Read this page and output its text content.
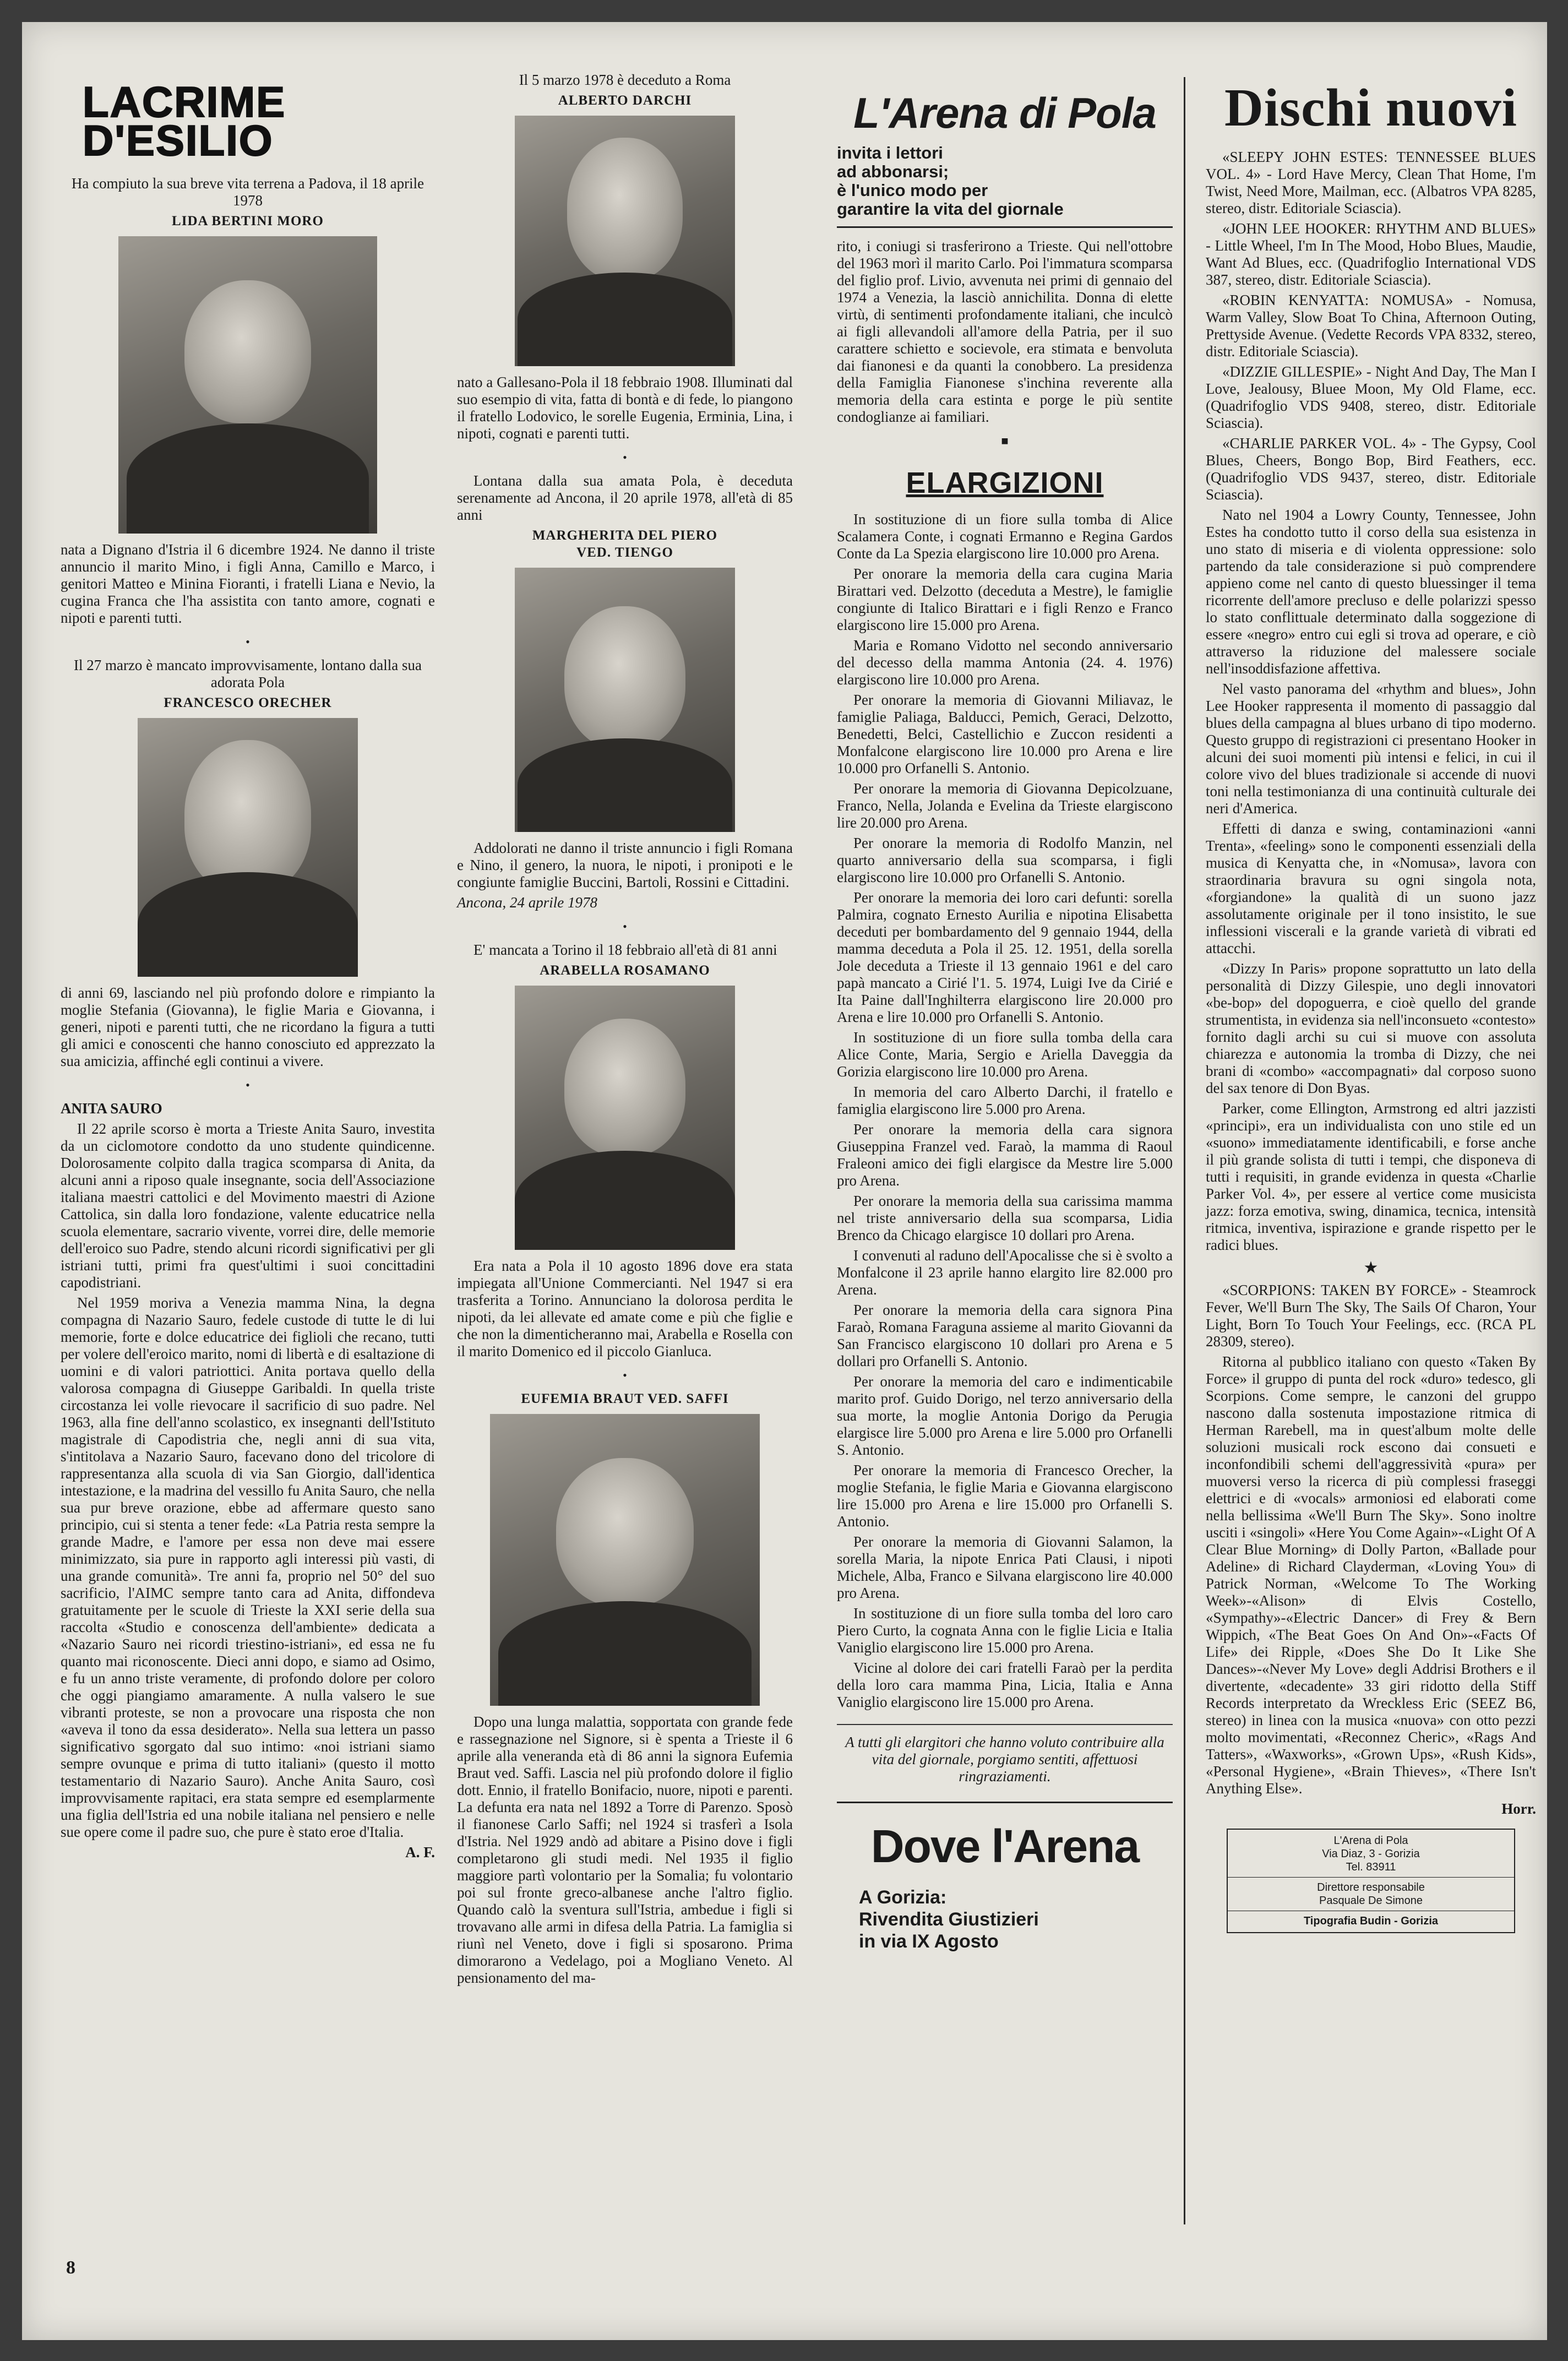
LACRIME
D'ESILIO

Ha compiuto la sua breve vita terrena a Padova, il 18 aprile 1978

LIDA BERTINI MORO

nata a Dignano d'Istria il 6 dicembre 1924. Ne danno il triste annuncio il marito Mino, i figli Anna, Camillo e Marco, i genitori Matteo e Minina Fioranti, i fratelli Liana e Nevio, la cugina Franca che l'ha assistita con tanto amore, cognati e nipoti e parenti tutti.

•

Il 27 marzo è mancato improvvisamente, lontano dalla sua adorata Pola

FRANCESCO ORECHER

di anni 69, lasciando nel più profondo dolore e rimpianto la moglie Stefania (Giovanna), le figlie Maria e Giovanna, i generi, nipoti e parenti tutti, che ne ricordano la figura a tutti gli amici e conoscenti che hanno conosciuto ed apprezzato la sua amicizia, affinché egli continui a vivere.

•

ANITA SAURO

Il 22 aprile scorso è morta a Trieste Anita Sauro, investita da un ciclomotore condotto da uno studente quindicenne. Dolorosamente colpito dalla tragica scomparsa di Anita, da alcuni anni a riposo quale insegnante, socia dell'Associazione italiana maestri cattolici e del Movimento maestri di Azione Cattolica, sin dalla loro fondazione, valente educatrice nella scuola elementare, sacrario vivente, vorrei dire, delle memorie dell'eroico suo Padre, stendo alcuni ricordi significativi per gli istriani tutti, primi fra quest'ultimi i suoi concittadini capodistriani.

Nel 1959 moriva a Venezia mamma Nina, la degna compagna di Nazario Sauro, fedele custode di tutte le di lui memorie, forte e dolce educatrice dei figlioli che recano, tutti per volere dell'eroico marito, nomi di libertà e di esaltazione di uomini e di valori patriottici. Anita portava quello della valorosa compagna di Giuseppe Garibaldi. In quella triste circostanza lei volle rievocare il sacrificio di suo padre. Nel 1963, alla fine dell'anno scolastico, ex insegnanti dell'Istituto magistrale di Capodistria che, negli anni di sua vita, s'intitolava a Nazario Sauro, facevano dono del tricolore di rappresentanza alla scuola di via San Giorgio, dall'identica intestazione, e la madrina del vessillo fu Anita Sauro, che nella sua pur breve orazione, ebbe ad affermare questo sano principio, cui si stenta a tener fede: «La Patria resta sempre la grande Madre, e l'amore per essa non deve mai essere minimizzato, sia pure in rapporto agli interessi più vasti, di una grande comunità». Tre anni fa, proprio nel 50° del suo sacrificio, l'AIMC sempre tanto cara ad Anita, diffondeva gratuitamente per le scuole di Trieste la XXI serie della sua raccolta «Studio e conoscenza dell'ambiente» dedicata a «Nazario Sauro nei ricordi triestino-istriani», ed essa ne fu quanto mai riconoscente. Dieci anni dopo, e siamo ad Osimo, e fu un anno triste veramente, di profondo dolore per coloro che oggi piangiamo amaramente. A nulla valsero le sue vibranti proteste, se non a provocare una risposta che non «aveva il tono da essa desiderato». Nella sua lettera un passo significativo sgorgato dal suo intimo: «noi istriani siamo sempre ovunque e prima di tutto italiani» (questo il motto testamentario di Nazario Sauro). Anche Anita Sauro, così improvvisamente rapitaci, era stata sempre ed esemplarmente una figlia dell'Istria ed una nobile italiana nel pensiero e nelle sue opere come il padre suo, che pure è stato eroe d'Italia.

A. F.

Il 5 marzo 1978 è deceduto a Roma

ALBERTO DARCHI

nato a Gallesano-Pola il 18 febbraio 1908. Illuminati dal suo esempio di vita, fatta di bontà e di fede, lo piangono il fratello Lodovico, le sorelle Eugenia, Erminia, Lina, i nipoti, cognati e parenti tutti.

•

Lontana dalla sua amata Pola, è deceduta serenamente ad Ancona, il 20 aprile 1978, all'età di 85 anni

MARGHERITA DEL PIERO

VED. TIENGO

Addolorati ne danno il triste annuncio i figli Romana e Nino, il genero, la nuora, le nipoti, i pronipoti e le congiunte famiglie Buccini, Bartoli, Rossini e Cittadini.

Ancona, 24 aprile 1978

•

E' mancata a Torino il 18 febbraio all'età di 81 anni

ARABELLA ROSAMANO

Era nata a Pola il 10 agosto 1896 dove era stata impiegata all'Unione Commercianti. Nel 1947 si era trasferita a Torino. Annunciano la dolorosa perdita le nipoti, da lei allevate ed amate come e più che figlie e che non la dimenticheranno mai, Arabella e Rosella con il marito Domenico ed il piccolo Gianluca.

•

EUFEMIA BRAUT VED. SAFFI

Dopo una lunga malattia, sopportata con grande fede e rassegnazione nel Signore, si è spenta a Trieste il 6 aprile alla veneranda età di 86 anni la signora Eufemia Braut ved. Saffi. Lascia nel più profondo dolore il figlio dott. Ennio, il fratello Bonifacio, nuore, nipoti e parenti. La defunta era nata nel 1892 a Torre di Parenzo. Sposò il fianonese Carlo Saffi; nel 1924 si trasferì a Isola d'Istria. Nel 1929 andò ad abitare a Pisino dove i figli completarono gli studi medi. Nel 1935 il figlio maggiore partì volontario per la Somalia; fu volontario poi sul fronte greco-albanese anche l'altro figlio. Quando calò la sventura sull'Istria, ambedue i figli si trovavano alle armi in difesa della Patria. La famiglia si riunì nel Veneto, dove i figli si sposarono. Prima dimorarono a Vedelago, poi a Mogliano Veneto. Al pensionamento del ma-

L'Arena di Pola
invita i lettori
ad abbonarsi;
è l'unico modo per
garantire la vita del giornale

rito, i coniugi si trasferirono a Trieste. Qui nell'ottobre del 1963 morì il marito Carlo. Poi l'immatura scomparsa del figlio prof. Livio, avvenuta nei primi di gennaio del 1974 a Venezia, la lasciò annichilita. Donna di elette virtù, di sentimenti profondamente italiani, che inculcò ai figli allevandoli all'amore della Patria, per il suo carattere schietto e socievole, era stimata e benvoluta dai fianonesi e da quanti la conobbero. La presidenza della Famiglia Fianonese s'inchina reverente alla memoria della cara estinta e porge le più sentite condoglianze ai familiari.

■

ELARGIZIONI

In sostituzione di un fiore sulla tomba di Alice Scalamera Conte, i cognati Ermanno e Regina Gardos Conte da La Spezia elargiscono lire 10.000 pro Arena.

Per onorare la memoria della cara cugina Maria Birattari ved. Delzotto (deceduta a Mestre), le famiglie congiunte di Italico Birattari e i figli Renzo e Franco elargiscono lire 15.000 pro Arena.

Maria e Romano Vidotto nel secondo anniversario del decesso della mamma Antonia (24. 4. 1976) elargiscono lire 10.000 pro Arena.

Per onorare la memoria di Giovanni Miliavaz, le famiglie Paliaga, Balducci, Pemich, Geraci, Delzotto, Benedetti, Belci, Castellichio e Zuccon residenti a Monfalcone elargiscono lire 10.000 pro Arena e lire 10.000 pro Orfanelli S. Antonio.

Per onorare la memoria di Giovanna Depicolzuane, Franco, Nella, Jolanda e Evelina da Trieste elargiscono lire 20.000 pro Arena.

Per onorare la memoria di Rodolfo Manzin, nel quarto anniversario della sua scomparsa, i figli elargiscono lire 10.000 pro Orfanelli S. Antonio.

Per onorare la memoria dei loro cari defunti: sorella Palmira, cognato Ernesto Aurilia e nipotina Elisabetta deceduti per bombardamento del 9 gennaio 1944, della mamma deceduta a Pola il 25. 12. 1951, della sorella Jole deceduta a Trieste il 13 gennaio 1961 e del caro papà mancato a Cirié l'1. 5. 1974, Luigi Ive da Cirié e Ita Paine dall'Inghilterra elargiscono lire 20.000 pro Arena e lire 10.000 pro Orfanelli S. Antonio.

In sostituzione di un fiore sulla tomba della cara Alice Conte, Maria, Sergio e Ariella Daveggia da Gorizia elargiscono lire 10.000 pro Arena.

In memoria del caro Alberto Darchi, il fratello e famiglia elargiscono lire 5.000 pro Arena.

Per onorare la memoria della cara signora Giuseppina Franzel ved. Faraò, la mamma di Raoul Fraleoni amico dei figli elargisce da Mestre lire 5.000 pro Arena.

Per onorare la memoria della sua carissima mamma nel triste anniversario della sua scomparsa, Lidia Brenco da Chicago elargisce 10 dollari pro Arena.

I convenuti al raduno dell'Apocalisse che si è svolto a Monfalcone il 23 aprile hanno elargito lire 82.000 pro Arena.

Per onorare la memoria della cara signora Pina Faraò, Romana Faraguna assieme al marito Giovanni da San Francisco elargiscono 10 dollari pro Arena e 5 dollari pro Orfanelli S. Antonio.

Per onorare la memoria del caro e indimenticabile marito prof. Guido Dorigo, nel terzo anniversario della sua morte, la moglie Antonia Dorigo da Perugia elargisce lire 5.000 pro Arena e lire 5.000 pro Orfanelli S. Antonio.

Per onorare la memoria di Francesco Orecher, la moglie Stefania, le figlie Maria e Giovanna elargiscono lire 15.000 pro Arena e lire 15.000 pro Orfanelli S. Antonio.

Per onorare la memoria di Giovanni Salamon, la sorella Maria, la nipote Enrica Pati Clausi, i nipoti Michele, Alba, Franco e Silvana elargiscono lire 40.000 pro Arena.

In sostituzione di un fiore sulla tomba del loro caro Piero Curto, la cognata Anna con le figlie Licia e Italia Vaniglio elargiscono lire 15.000 pro Arena.

Vicine al dolore dei cari fratelli Faraò per la perdita della loro cara mamma Pina, Licia, Italia e Anna Vaniglio elargiscono lire 15.000 pro Arena.

A tutti gli elargitori che hanno voluto contribuire alla vita del giornale, porgiamo sentiti, affettuosi ringraziamenti.

Dove l'Arena
A Gorizia:
Rivendita Giustizieri
in via IX Agosto
Dischi nuovi

«SLEEPY JOHN ESTES: TENNESSEE BLUES VOL. 4» - Lord Have Mercy, Clean That Home, I'm Twist, Need More, Mailman, ecc. (Albatros VPA 8285, stereo, distr. Editoriale Sciascia).

«JOHN LEE HOOKER: RHYTHM AND BLUES» - Little Wheel, I'm In The Mood, Hobo Blues, Maudie, Want Ad Blues, ecc. (Quadrifoglio International VDS 387, stereo, distr. Editoriale Sciascia).

«ROBIN KENYATTA: NOMUSA» - Nomusa, Warm Valley, Slow Boat To China, Afternoon Outing, Prettyside Avenue. (Vedette Records VPA 8332, stereo, distr. Editoriale Sciascia).

«DIZZIE GILLESPIE» - Night And Day, The Man I Love, Jealousy, Bluee Moon, My Old Flame, ecc. (Quadrifoglio VDS 9408, stereo, distr. Editoriale Sciascia).

«CHARLIE PARKER VOL. 4» - The Gypsy, Cool Blues, Cheers, Bongo Bop, Bird Feathers, ecc. (Quadrifoglio VDS 9437, stereo, distr. Editoriale Sciascia).

Nato nel 1904 a Lowry County, Tennessee, John Estes ha condotto tutto il corso della sua esistenza in uno stato di miseria e di violenta oppressione: solo partendo da tale considerazione si può comprendere appieno come nel canto di questo bluessinger il tema ricorrente dell'amore precluso e delle polarizzi spesso lo stato conflittuale determinato dalla soggezione di essere «negro» entro cui egli si trova ad operare, e ciò attraverso la riduzione del malessere sociale nell'insoddisfazione affettiva.

Nel vasto panorama del «rhythm and blues», John Lee Hooker rappresenta il momento di passaggio dal blues della campagna al blues urbano di tipo moderno. Questo gruppo di registrazioni ci presentano Hooker in alcuni dei suoi momenti più intensi e felici, in cui il colore vivo del blues tradizionale si accende di nuovi toni nella testimonianza di una continuità culturale dei neri d'America.

Effetti di danza e swing, contaminazioni «anni Trenta», «feeling» sono le componenti essenziali della musica di Kenyatta che, in «Nomusa», lavora con straordinaria bravura su ogni singola nota, «forgiandone» la qualità di un suono jazz assolutamente originale per il tono insistito, le sue inflessioni viscerali e la grande varietà di vibrati ed attacchi.

«Dizzy In Paris» propone soprattutto un lato della personalità di Dizzy Gilespie, uno degli innovatori «be-bop» del dopoguerra, e cioè quello del grande strumentista, in evidenza sia nell'inconsueto «contesto» fornito dagli archi su cui si muove con assoluta chiarezza e autonomia la tromba di Dizzy, che nei brani di «combo» «accompagnati» dal corposo suono del sax tenore di Don Byas.

Parker, come Ellington, Armstrong ed altri jazzisti «principi», era un individualista con uno stile ed un «suono» immediatamente identificabili, e forse anche il più grande solista di tutti i tempi, che disponeva di tutti i requisiti, in grande evidenza in questa «Charlie Parker Vol. 4», per essere al vertice come musicista jazz: forza emotiva, swing, dinamica, tecnica, intensità ritmica, inventiva, ispirazione e grande rispetto per le radici blues.

★

«SCORPIONS: TAKEN BY FORCE» - Steamrock Fever, We'll Burn The Sky, The Sails Of Charon, Your Light, Born To Touch Your Feelings, ecc. (RCA PL 28309, stereo).

Ritorna al pubblico italiano con questo «Taken By Force» il gruppo di punta del rock «duro» tedesco, gli Scorpions. Come sempre, le canzoni del gruppo nascono dalla sostenuta impostazione ritmica di Herman Rarebell, ma in quest'album molte delle soluzioni musicali rock escono dai consueti e inconfondibili schemi dell'aggressività «pura» per muoversi verso la ricerca di più complessi fraseggi elettrici e di «vocals» armoniosi ed elaborati come nella bellissima «We'll Burn The Sky». Sono inoltre usciti i «singoli» «Here You Come Again»-«Light Of A Clear Blue Morning» di Dolly Parton, «Ballade pour Adeline» di Richard Clayderman, «Loving You» di Patrick Norman, «Welcome To The Working Week»-«Alison» di Elvis Costello, «Sympathy»-«Electric Dancer» di Frey & Bern Wippich, «The Beat Goes On And On»-«Facts Of Life» dei Ripple, «Does She Do It Like She Dances»-«Never My Love» degli Addrisi Brothers e il divertente, «decadente» 33 giri ridotto della Stiff Records interpretato da Wreckless Eric (SEEZ B6, stereo) in linea con la musica «nuova» con otto pezzi molto movimentati, «Reconnez Cheric», «Rags And Tatters», «Waxworks», «Grown Ups», «Rush Kids», «Personal Hygiene», «Brain Thieves», «There Isn't Anything Else».

Horr.

L'Arena di Pola
Via Diaz, 3 - Gorizia
Tel. 83911
Direttore responsabile
Pasquale De Simone
Tipografia Budin - Gorizia
8
